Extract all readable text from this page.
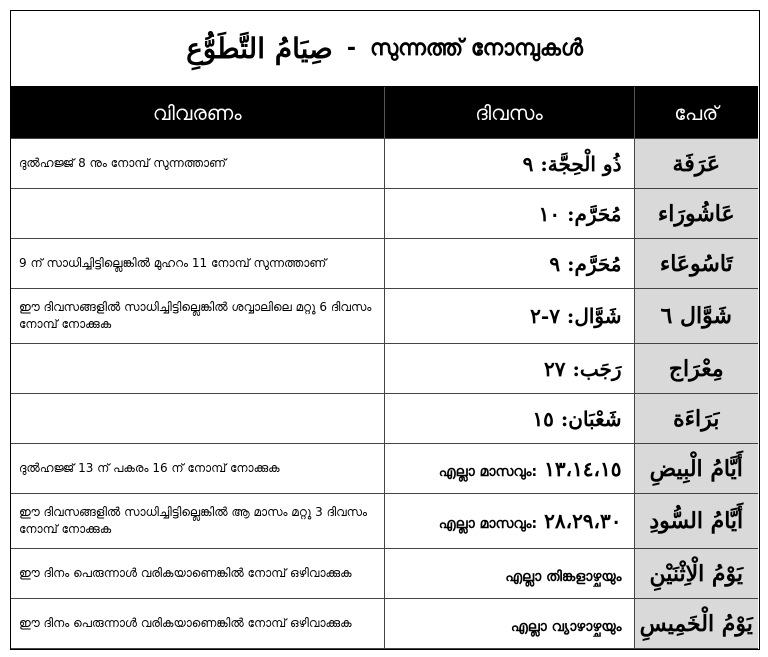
صِيَامُ التَّطَوُّعِ - സുന്നത്ത് നോമ്പുകൾ
വിവരണം	ദിവസം	പേര്
ദുൽഹജ്ജ് 8 നും നോമ്പ് സുന്നത്താണ്	ذُو الْحِجَّة: ٩	عَرَفَة
	مُحَرَّم: ١٠	عَاشُورَاء
9 ന് സാധിച്ചിട്ടില്ലെങ്കിൽ മുഹറം 11 നോമ്പ് സുന്നത്താണ്	مُحَرَّم: ٩	تَاسُوعَاء
ഈ ദിവസങ്ങളിൽ സാധിച്ചിട്ടില്ലെങ്കിൽ ശവ്വാലിലെ മറ്റു 6 ദിവസം നോമ്പ് നോക്കുക	شَوَّال: ٧-٢	شَوَّال ٦
	رَجَب: ٢٧	مِعْرَاج
	شَعْبَان: ١٥	بَرَاءَة
ദുൽഹജ്ജ് 13 ന് പകരം 16 ന് നോമ്പ് നോക്കുക	എല്ലാ മാസവും: ١٣،١٤،١٥	أَيَّامُ الْبِيضِ
ഈ ദിവസങ്ങളിൽ സാധിച്ചിട്ടില്ലെങ്കിൽ ആ മാസം മറ്റു 3 ദിവസം നോമ്പ് നോക്കുക	എല്ലാ മാസവും: ٢٨،٢٩،٣٠	أَيَّامُ السُّودِ
ഈ ദിനം പെരുന്നാൾ വരികയാണെങ്കിൽ നോമ്പ് ഒഴിവാക്കുക	എല്ലാ തിങ്കളാഴ്ചയും	يَوْمُ الْاِثْنَيْنِ
ഈ ദിനം പെരുന്നാൾ വരികയാണെങ്കിൽ നോമ്പ് ഒഴിവാക്കുക	എല്ലാ വ്യാഴാഴ്ചയും	يَوْمُ الْخَمِيسِ
